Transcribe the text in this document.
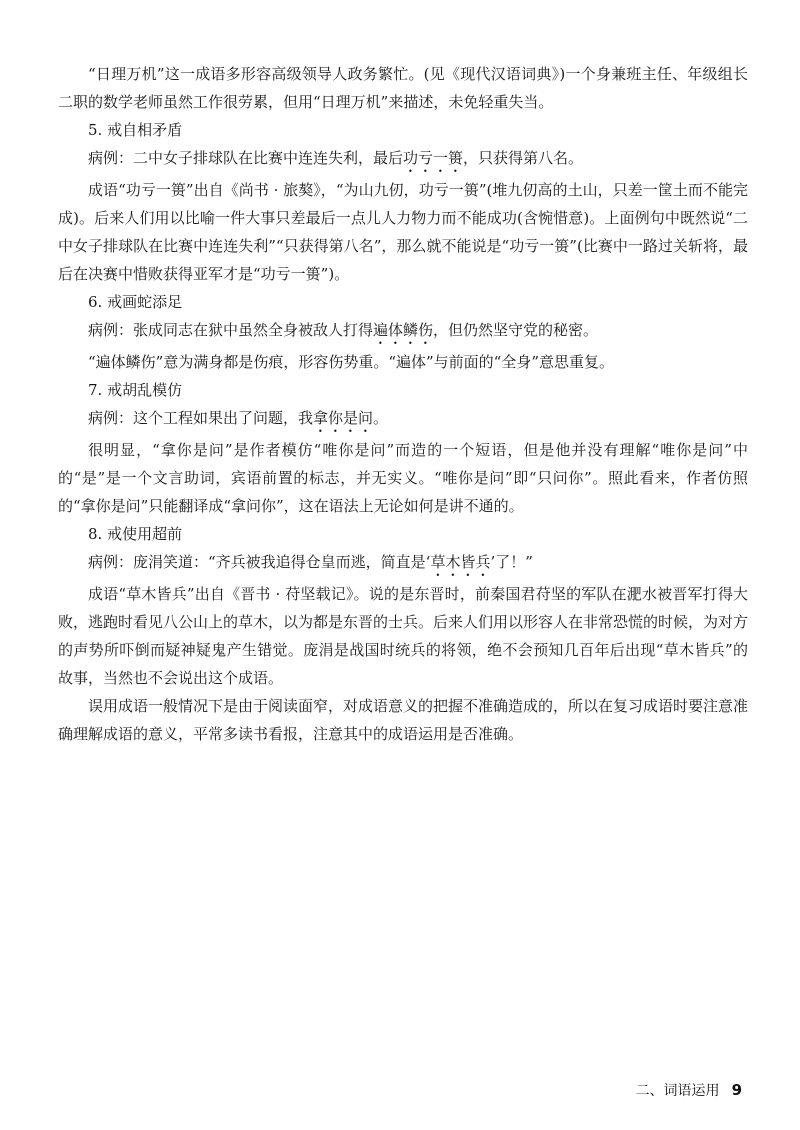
“日理万机”这一成语多形容高级领导人政务繁忙。(见《现代汉语词典》)一个身兼班主任、年级组长二职的数学老师虽然工作很劳累，但用“日理万机”来描述，未免轻重失当。

5. 戒自相矛盾

病例：二中女子排球队在比赛中连连失利，最后功亏一篑，只获得第八名。

成语“功亏一篑”出自《尚书 · 旅獒》，“为山九仞，功亏一篑”(堆九仞高的土山，只差一筐土而不能完成)。后来人们用以比喻一件大事只差最后一点儿人力物力而不能成功(含惋惜意)。上面例句中既然说“二中女子排球队在比赛中连连失利”“只获得第八名”，那么就不能说是“功亏一篑”(比赛中一路过关斩将，最后在决赛中惜败获得亚军才是“功亏一篑”)。

6. 戒画蛇添足

病例：张成同志在狱中虽然全身被敌人打得遍体鳞伤，但仍然坚守党的秘密。

“遍体鳞伤”意为满身都是伤痕，形容伤势重。“遍体”与前面的“全身”意思重复。

7. 戒胡乱模仿

病例：这个工程如果出了问题，我拿你是问。

很明显，“拿你是问”是作者模仿“唯你是问”而造的一个短语，但是他并没有理解“唯你是问”中的“是”是一个文言助词，宾语前置的标志，并无实义。“唯你是问”即“只问你”。照此看来，作者仿照的“拿你是问”只能翻译成“拿问你”，这在语法上无论如何是讲不通的。

8. 戒使用超前

病例：庞涓笑道：“齐兵被我追得仓皇而逃，简直是‘草木皆兵’了！”

成语“草木皆兵”出自《晋书 · 苻坚载记》。说的是东晋时，前秦国君苻坚的军队在淝水被晋军打得大败，逃跑时看见八公山上的草木，以为都是东晋的士兵。后来人们用以形容人在非常恐慌的时候，为对方的声势所吓倒而疑神疑鬼产生错觉。庞涓是战国时统兵的将领，绝不会预知几百年后出现“草木皆兵”的故事，当然也不会说出这个成语。

误用成语一般情况下是由于阅读面窄，对成语意义的把握不准确造成的，所以在复习成语时要注意准确理解成语的意义，平常多读书看报，注意其中的成语运用是否准确。

二、词语运用 9
